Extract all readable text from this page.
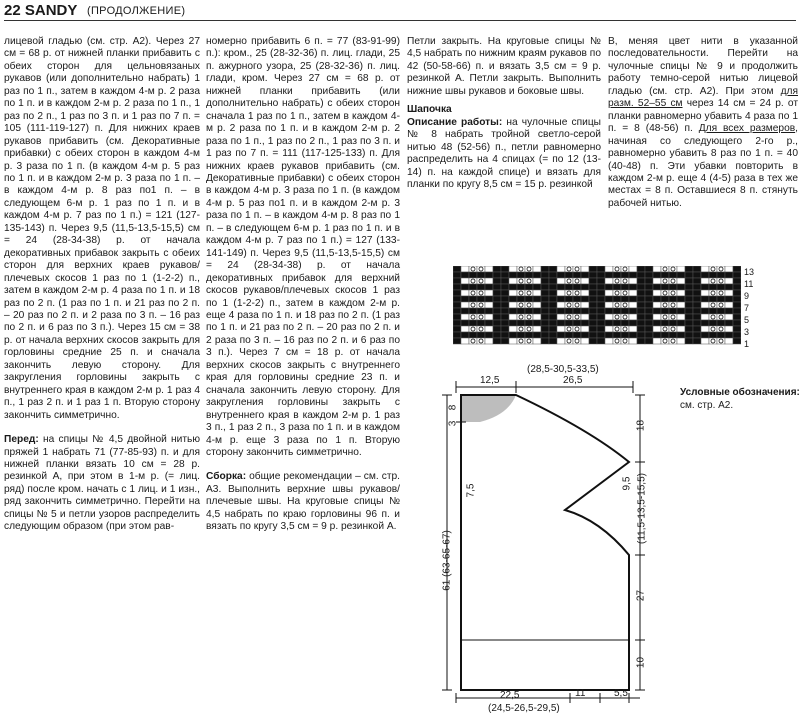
22 SANDY (ПРОДОЛЖЕНИЕ)

лицевой гладью (см. стр. А2). Через 27 см = 68 р. от нижней планки прибавить с обеих сторон для цельновязаных рукавов (или дополнительно набрать) 1 раз по 1 п., затем в каждом 4-м р. 2 раза по 1 п. и в каждом 2-м р. 2 раза по 1 п., 1 раз по 2 п., 1 раз по 3 п. и 1 раз по 7 п. = 105 (111-119-127) п. Для нижних краев рукавов прибавить (см. Декоративные прибавки) с обеих сторон в каждом 4-м р. 3 раза по 1 п. (в каждом 4-м р. 5 раз по 1 п. и в каждом 2-м р. 3 раза по 1 п. – в каждом 4-м р. 8 раз по1 п. – в следующем 6-м р. 1 раз по 1 п. и в каждом 4-м р. 7 раз по 1 п.) = 121 (127-135-143) п. Через 9,5 (11,5-13,5-15,5) см = 24 (28-34-38) р. от начала декоративных прибавок закрыть с обеих сторон для верхних краев рукавов/плечевых скосов 1 раз по 1 (1-2-2) п., затем в каждом 2-м р. 4 раза по 1 п. и 18 раз по 2 п. (1 раз по 1 п. и 21 раз по 2 п. – 20 раз по 2 п. и 2 раза по 3 п. – 16 раз по 2 п. и 6 раз по 3 п.). Через 15 см = 38 р. от начала верхних скосов закрыть для горловины средние 25 п. и сначала закончить левую сторону. Для закругления горловины закрыть с внутреннего края в каждом 2-м р. 1 раз 4 п., 1 раз 2 п. и 1 раз 1 п. Вторую сторону закончить симметрично.

Перед: на спицы № 4,5 двойной нитью пряжей 1 набрать 71 (77-85-93) п. и для нижней планки вязать 10 см = 28 р. резинкой А, при этом в 1-м р. (= лиц. ряд) после кром. начать с 1 лиц. и 1 изн., ряд закончить симметрично. Перейти на спицы № 5 и петли узоров распределить следующим образом (при этом рав-

номерно прибавить 6 п. = 77 (83-91-99) п.): кром., 25 (28-32-36) п. лиц. глади, 25 п. ажурного узора, 25 (28-32-36) п. лиц. глади, кром. Через 27 см = 68 р. от нижней планки прибавить (или дополнительно набрать) с обеих сторон сначала 1 раз по 1 п., затем в каждом 4-м р. 2 раза по 1 п. и в каждом 2-м р. 2 раза по 1 п., 1 раз по 2 п., 1 раз по 3 п. и 1 раз по 7 п. = 111 (117-125-133) п. Для нижних краев рукавов прибавить (см. Декоративные прибавки) с обеих сторон в каждом 4-м р. 3 раза по 1 п. (в каждом 4-м р. 5 раз по1 п. и в каждом 2-м р. 3 раза по 1 п. – в каждом 4-м р. 8 раз по 1 п. – в следующем 6-м р. 1 раз по 1 п. и в каждом 4-м р. 7 раз по 1 п.) = 127 (133-141-149) п. Через 9,5 (11,5-13,5-15,5) см = 24 (28-34-38) р. от начала декоративных прибавок для верхний скосов рукавов/плечевых скосов 1 раз по 1 (1-2-2) п., затем в каждом 2-м р. еще 4 раза по 1 п. и 18 раз по 2 п. (1 раз по 1 п. и 21 раз по 2 п. – 20 раз по 2 п. и 2 раза по 3 п. – 16 раз по 2 п. и 6 раз по 3 п.). Через 7 см = 18 р. от начала верхних скосов закрыть с внутреннего края для горловины средние 23 п. и сначала закончить левую сторону. Для закругления горловины закрыть с внутреннего края в каждом 2-м р. 1 раз 3 п., 1 раз 2 п., 3 раза по 1 п. и в каждом 4-м р. еще 3 раза по 1 п. Вторую сторону закончить симметрично.

Сборка: общие рекомендации – см. стр. А3. Выполнить верхние швы рукавов/плечевые швы. На круговые спицы № 4,5 набрать по краю горловины 96 п. и вязать по кругу 3,5 см = 9 р. резинкой А.

Петли закрыть. На круговые спицы № 4,5 набрать по нижним краям рукавов по 42 (50-58-66) п. и вязать 3,5 см = 9 р. резинкой А. Петли закрыть. Выполнить нижние швы рукавов и боковые швы.

Шапочка
Описание работы: на чулочные спицы № 8 набрать тройной светло-серой нитью 48 (52-56) п., петли равномерно распределить на 4 спицах (= по 12 (13-14) п. на каждой спице) и вязать для планки по кругу 8,5 см = 15 р. резинкой

В, меняя цвет нити в указанной последовательности. Перейти на чулочные спицы № 9 и продолжить работу темно-серой нитью лицевой гладью (см. стр. А2). При этом для разм. 52–55 см через 14 см = 24 р. от планки равномерно убавить 4 раза по 1 п. = 8 (48-56) п. Для всех размеров, начиная со следующего 2-го р., равномерно убавить 8 раз по 1 п. = 40 (40-48) п. Эти убавки повторить в каждом 2-м р. еще 4 (4-5) раза в тех же местах = 8 п. Оставшиеся 8 п. стянуть рабочей нитью.

13
11
9
7
5
3
1
Условные обозначения:
см. стр. А2.
(28,5-30,5-33,5)
12,5	26,5
22,5
(24,5-26,5-29,5)
11	5,5
8
3
61 (63-65-67)
7,5
18
9,5 (11,5-13,5-15,5)
27
10
